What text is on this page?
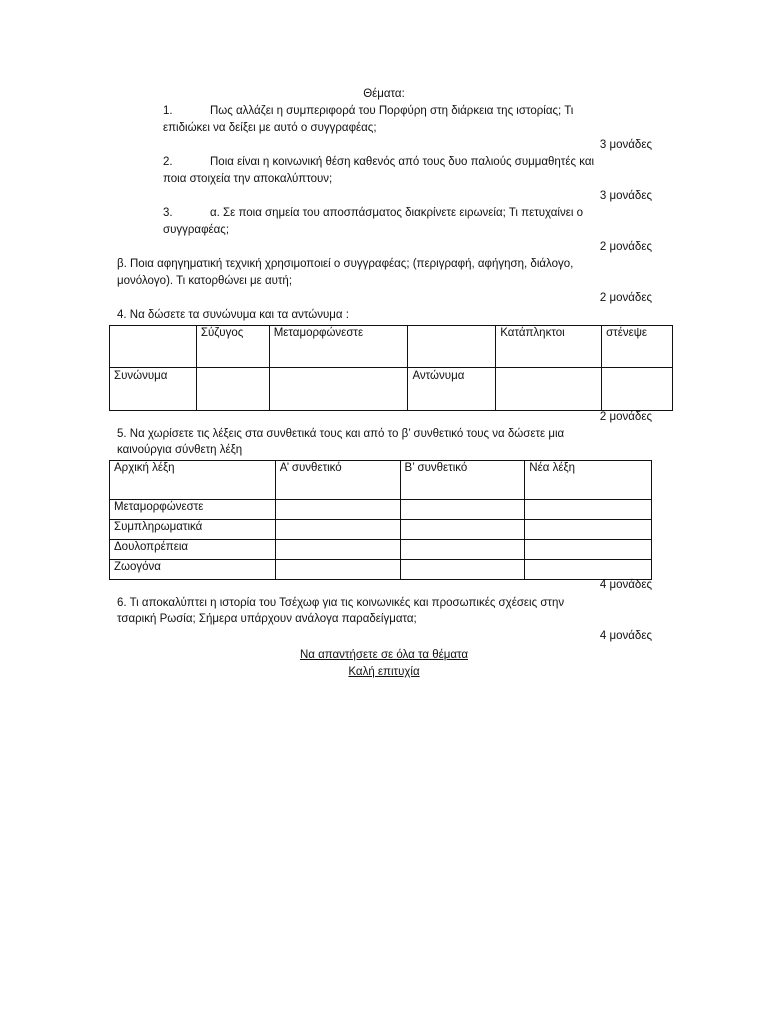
Θέματα:
1.	Πως αλλάζει η συμπεριφορά του Πορφύρη στη διάρκεια της ιστορίας; Τι
επιδιώκει να δείξει με αυτό ο συγγραφέας;
3 μονάδες
2.	Ποια είναι η κοινωνική θέση καθενός από τους δυο παλιούς συμμαθητές και
ποια στοιχεία την αποκαλύπτουν;
3 μονάδες
3.	α. Σε ποια σημεία του αποσπάσματος διακρίνετε ειρωνεία; Τι πετυχαίνει ο
συγγραφέας;
2 μονάδες
β. Ποια αφηγηματική τεχνική χρησιμοποιεί ο συγγραφέας; (περιγραφή, αφήγηση, διάλογο,
μονόλογο). Τι κατορθώνει με αυτή;
2 μονάδες
4. Να δώσετε τα συνώνυμα και τα αντώνυμα :
	Σύζυγος	Μεταμορφώνεστε		Κατάπληκτοι	στένεψε
Συνώνυμα			Αντώνυμα		
2 μονάδες
5. Να χωρίσετε τις λέξεις στα συνθετικά τους και από το β’ συνθετικό τους να δώσετε μια
καινούργια σύνθετη λέξη
Αρχική λέξη	Α’ συνθετικό	Β’ συνθετικό	Νέα λέξη
Μεταμορφώνεστε			
Συμπληρωματικά			
Δουλοπρέπεια			
Ζωογόνα			
4 μονάδες
6. Τι αποκαλύπτει η ιστορία του Τσέχωφ για τις κοινωνικές και προσωπικές σχέσεις στην
τσαρική Ρωσία; Σήμερα υπάρχουν ανάλογα παραδείγματα;
4 μονάδες
Να απαντήσετε σε όλα τα θέματα
Καλή επιτυχία
